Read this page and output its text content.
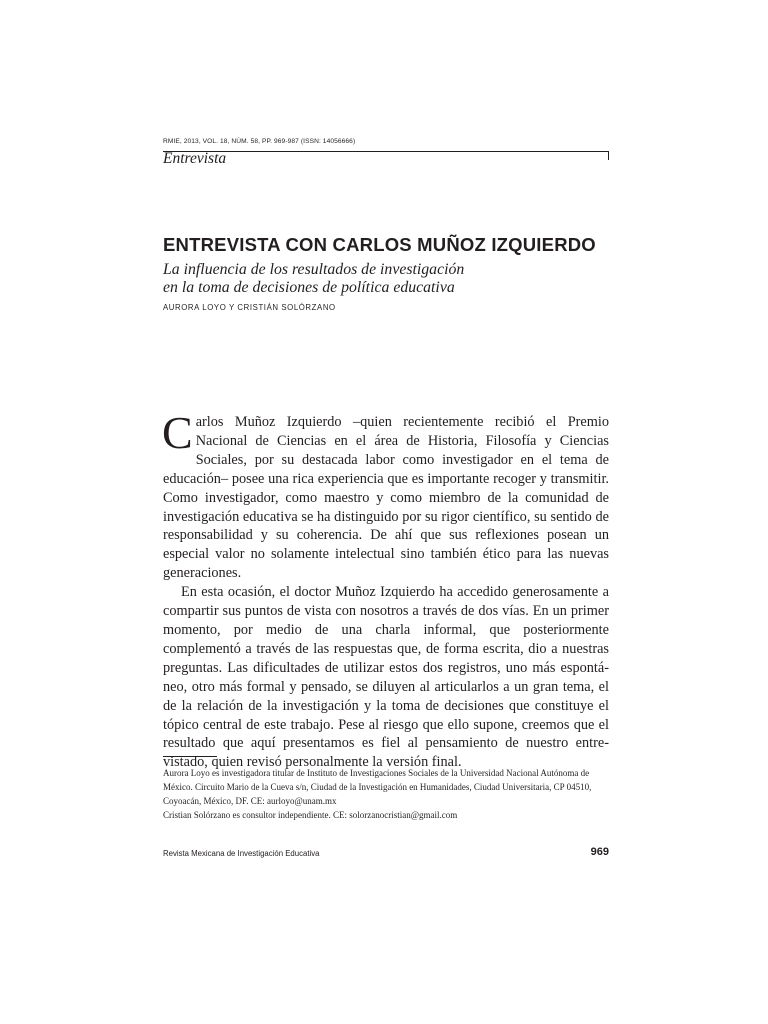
RMIE, 2013, VOL. 18, NÚM. 58, PP. 969-987 (ISSN: 14056666)
Entrevista
ENTREVISTA CON CARLOS MUÑOZ IZQUIERDO
La influencia de los resultados de investigación
en la toma de decisiones de política educativa
AURORA LOYO Y CRISTIÁN SOLÓRZANO

Carlos Muñoz Izquierdo –quien recientemente recibió el Premio Nacional de Ciencias en el área de Historia, Filosofía y Ciencias Sociales, por su destacada labor como investigador en el tema de educación– posee una rica experiencia que es importante recoger y transmitir. Como investigador, como maestro y como miembro de la comunidad de investigación educativa se ha distinguido por su rigor científico, su sentido de responsabilidad y su coherencia. De ahí que sus reflexiones posean un especial valor no solamente intelectual sino también ético para las nuevas generaciones.

En esta ocasión, el doctor Muñoz Izquierdo ha accedido generosamente a compartir sus puntos de vista con nosotros a través de dos vías. En un primer momento, por medio de una charla informal, que posteriormente complementó a través de las respuestas que, de forma escrita, dio a nuestras preguntas. Las dificultades de utilizar estos dos registros, uno más espontáneo, otro más formal y pensado, se diluyen al articularlos a un gran tema, el de la relación de la investigación y la toma de decisiones que constituye el tópico central de este trabajo. Pese al riesgo que ello supone, creemos que el resultado que aquí presentamos es fiel al pensamiento de nuestro entrevistado, quien revisó personalmente la versión final.

Aurora Loyo es investigadora titular de Instituto de Investigaciones Sociales de la Universidad Nacional Autónoma de México. Circuito Mario de la Cueva s/n, Ciudad de la Investigación en Humanidades, Ciudad Universitaria, CP 04510, Coyoacán, México, DF. CE: aurloyo@unam.mx

Cristian Solórzano es consultor independiente. CE: solorzanocristian@gmail.com

Revista Mexicana de Investigación Educativa	969
